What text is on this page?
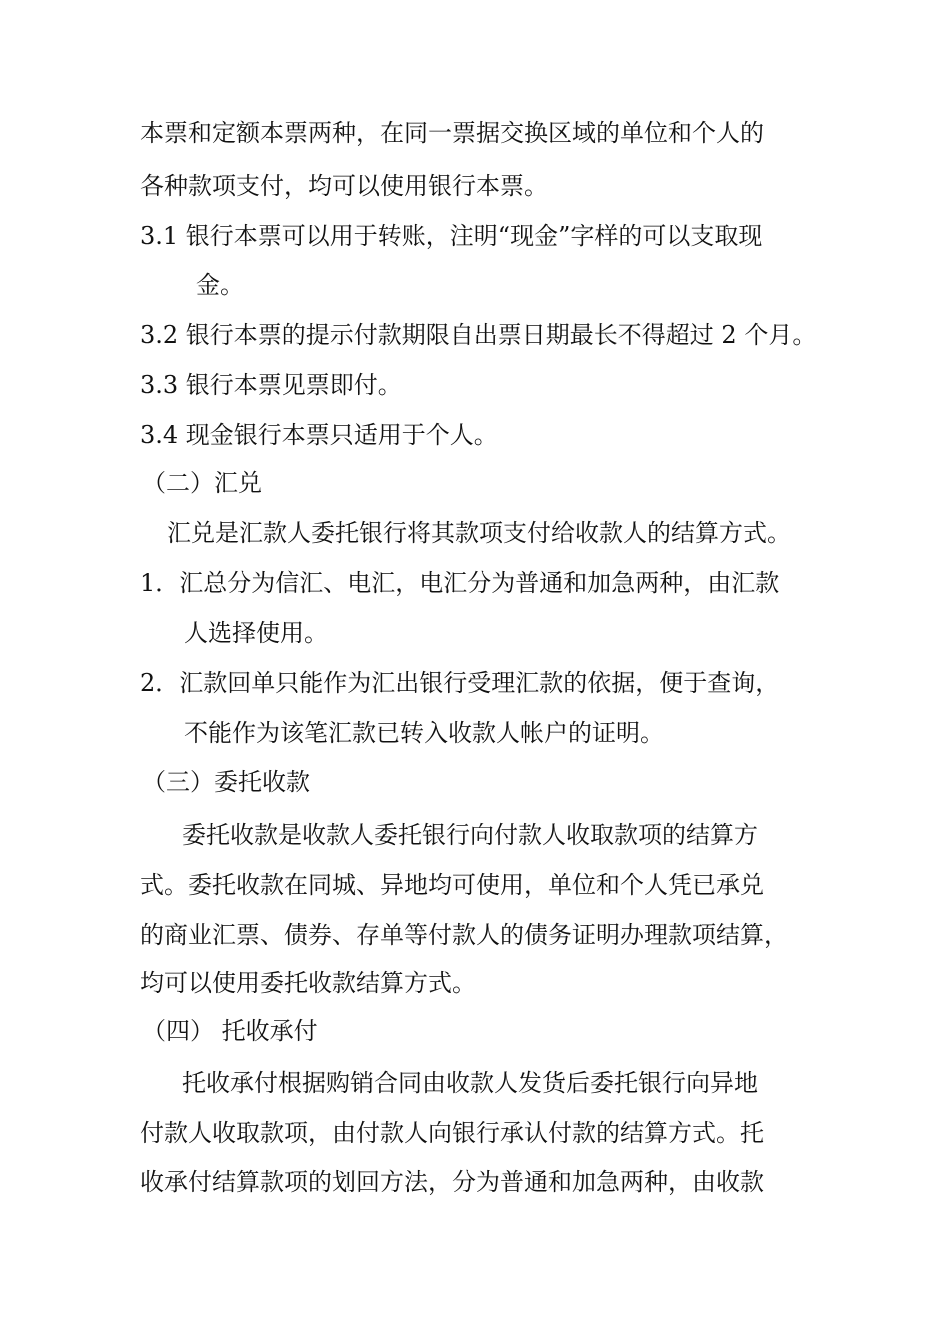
本票和定额本票两种，在同一票据交换区域的单位和个人的
各种款项支付，均可以使用银行本票。
3.1 银行本票可以用于转账，注明“现金”字样的可以支取现
金。
3.2 银行本票的提示付款期限自出票日期最长不得超过 2 个月。
3.3 银行本票见票即付。
3.4 现金银行本票只适用于个人。
（二）汇兑
汇兑是汇款人委托银行将其款项支付给收款人的结算方式。
1．汇总分为信汇、电汇，电汇分为普通和加急两种，由汇款
人选择使用。
2．汇款回单只能作为汇出银行受理汇款的依据，便于查询，
不能作为该笔汇款已转入收款人帐户的证明。
（三）委托收款
委托收款是收款人委托银行向付款人收取款项的结算方
式。委托收款在同城、异地均可使用，单位和个人凭已承兑
的商业汇票、债券、存单等付款人的债务证明办理款项结算，
均可以使用委托收款结算方式。
（四） 托收承付
托收承付根据购销合同由收款人发货后委托银行向异地
付款人收取款项，由付款人向银行承认付款的结算方式。托
收承付结算款项的划回方法，分为普通和加急两种，由收款
